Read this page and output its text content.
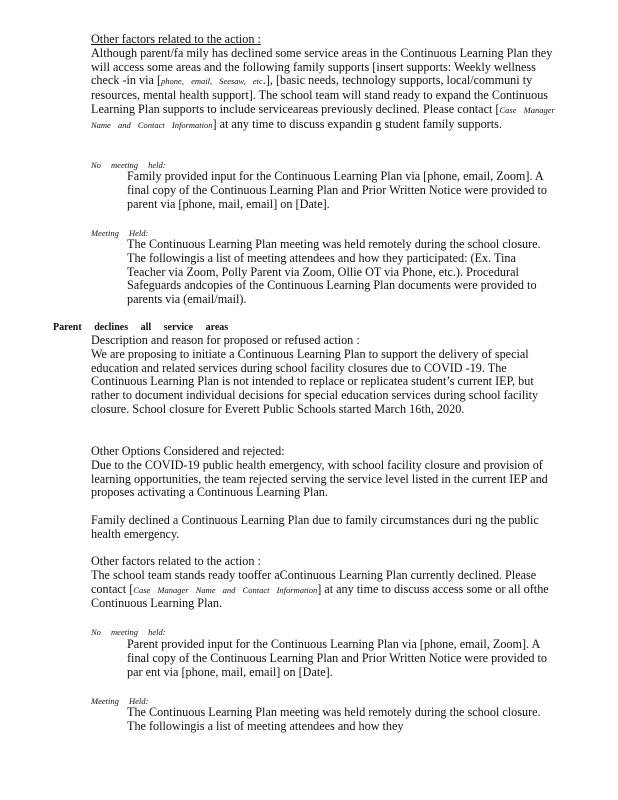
Other factors related to the action :

Although parent/fa mily has declined some service areas in the Continuous Learning Plan they will access some areas and the following family supports [insert supports: Weekly wellness check -in via [phone, email, Seesaw, etc.], [basic needs, technology supports, local/communi ty resources, mental health support]. The school team will stand ready to expand the Continuous Learning Plan supports to include serviceareas previously declined. Please contact [Case Manager Name and Contact Information] at any time to discuss expandin g student family supports.

No meeting held:
Family provided input for the Continuous Learning Plan via [phone, email, Zoom]. A final copy of the Continuous Learning Plan and Prior Written Notice were provided to parent via [phone, mail, email] on [Date].
Meeting Held:
The Continuous Learning Plan meeting was held remotely during the school closure. The followingis a list of meeting attendees and how they participated: (Ex. Tina Teacher via Zoom, Polly Parent via Zoom, Ollie OT via Phone, etc.). Procedural Safeguards andcopies of the Continuous Learning Plan documents were provided to parents via (email/mail).
Parent declines all service areas

Description and reason for proposed or refused action :

We are proposing to initiate a Continuous Learning Plan to support the delivery of special education and related services during school facility closures due to COVID -19. The Continuous Learning Plan is not intended to replace or replicatea student’s current IEP, but rather to document individual decisions for special education services during school facility closure. School closure for Everett Public Schools started March 16th, 2020.

Other Options Considered and rejected:

Due to the COVID-19 public health emergency, with school facility closure and provision of learning opportunities, the team rejected serving the service level listed in the current IEP and proposes activating a Continuous Learning Plan.

Family declined a Continuous Learning Plan due to family circumstances duri ng the public health emergency.

Other factors related to the action :

The school team stands ready tooffer aContinuous Learning Plan currently declined. Please contact [Case Manager Name and Contact Information] at any time to discuss access some or all ofthe Continuous Learning Plan.

No meeting held:
Parent provided input for the Continuous Learning Plan via [phone, email, Zoom]. A final copy of the Continuous Learning Plan and Prior Written Notice were provided to par ent via [phone, mail, email] on [Date].
Meeting Held:
The Continuous Learning Plan meeting was held remotely during the school closure. The followingis a list of meeting attendees and how they
